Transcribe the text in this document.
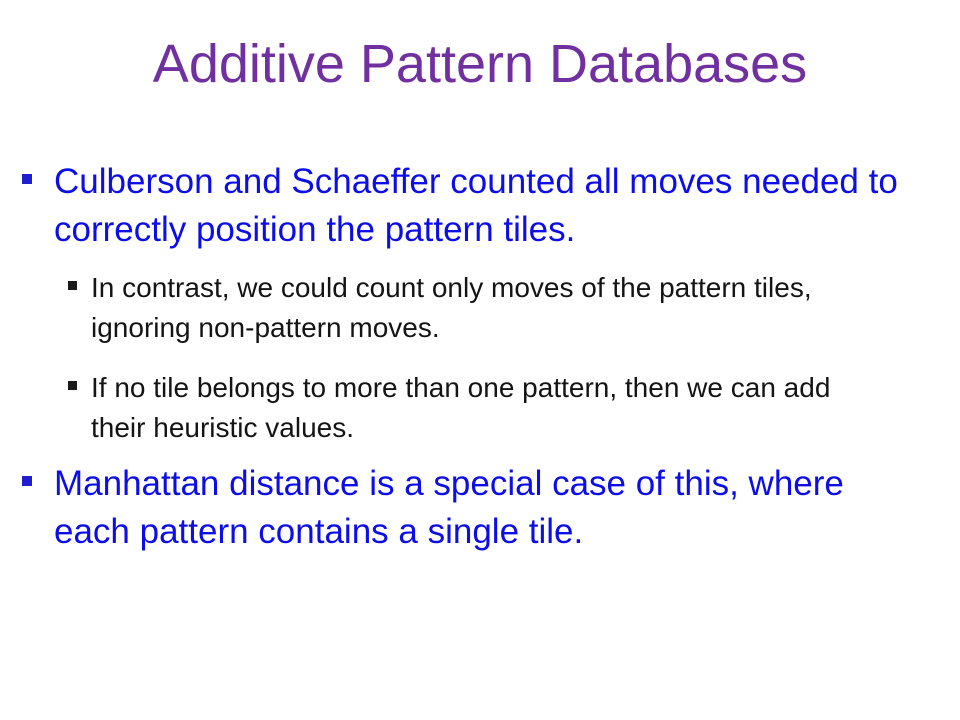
Additive Pattern Databases
Culberson and Schaeffer counted all moves needed to correctly position the pattern tiles.
In contrast, we could count only moves of the pattern tiles, ignoring non-pattern moves.
If no tile belongs to more than one pattern, then we can add their heuristic values.
Manhattan distance is a special case of this, where each pattern contains a single tile.
